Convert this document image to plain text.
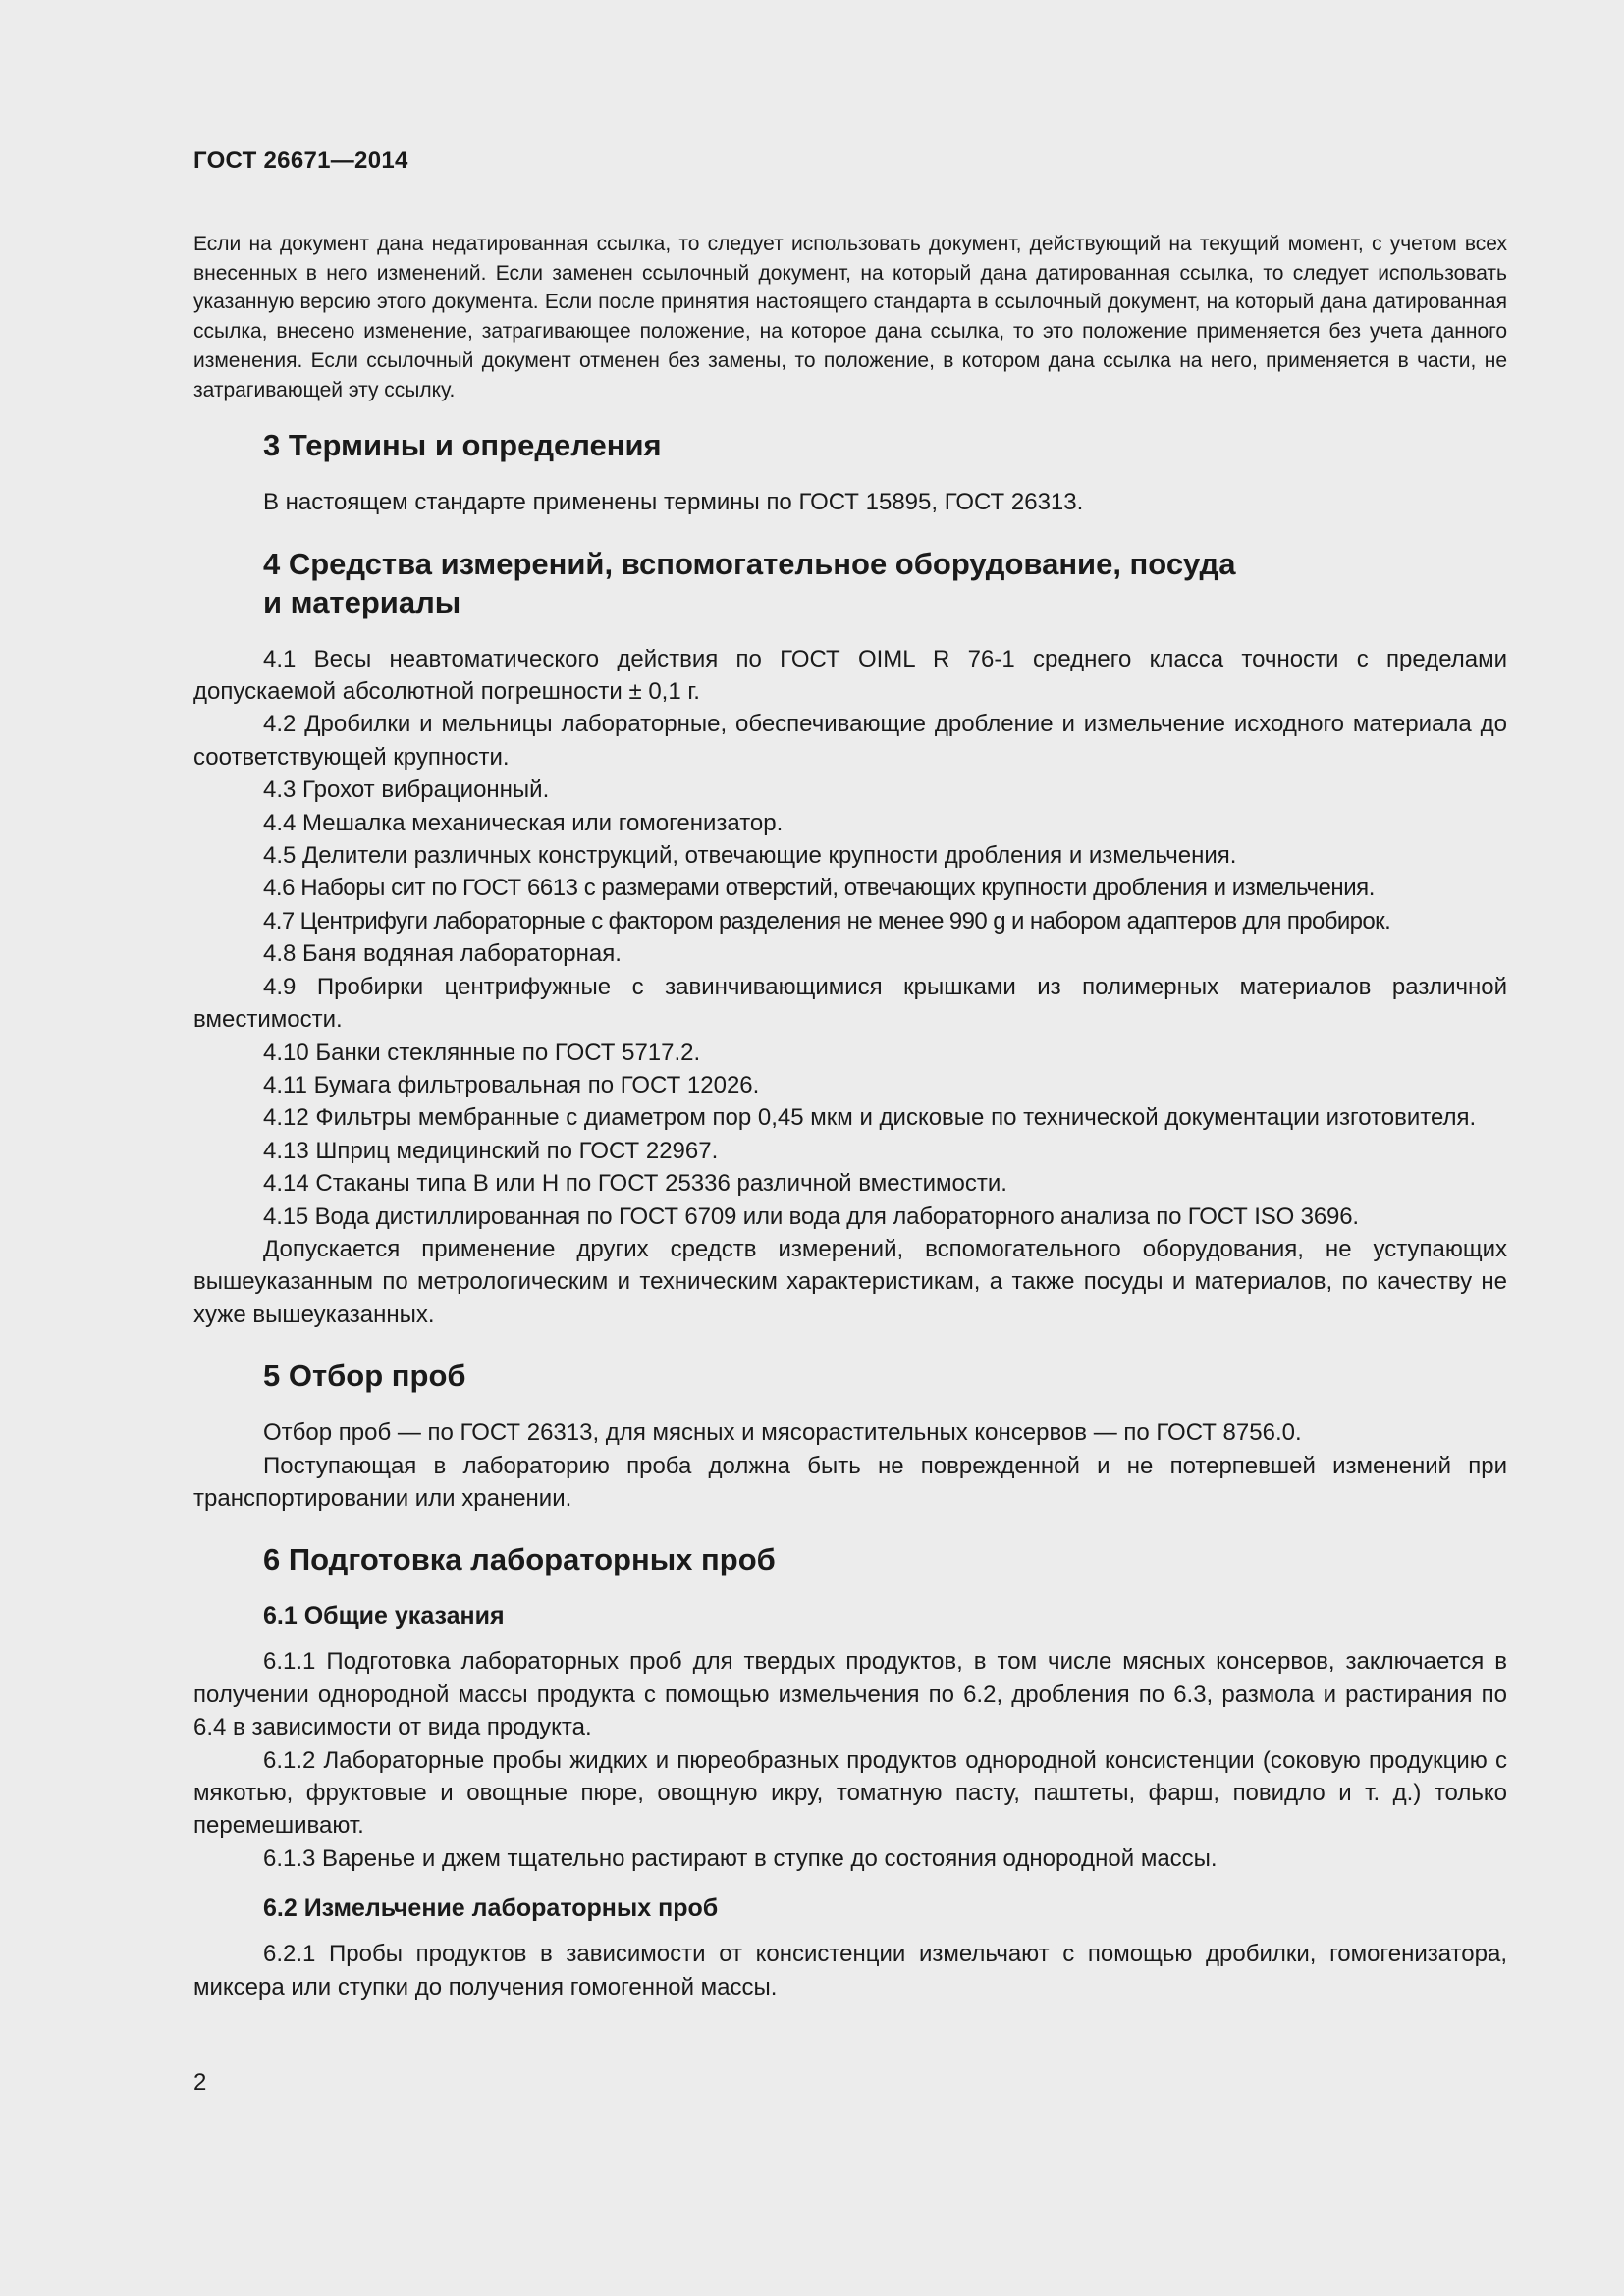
ГОСТ 26671—2014

Если на документ дана недатированная ссылка, то следует использовать документ, действующий на текущий момент, с учетом всех внесенных в него изменений. Если заменен ссылочный документ, на который дана датированная ссылка, то следует использовать указанную версию этого документа. Если после принятия настоящего стандарта в ссылочный документ, на который дана датированная ссылка, внесено изменение, затрагивающее положение, на которое дана ссылка, то это положение применяется без учета данного изменения. Если ссылочный документ отменен без замены, то положение, в котором дана ссылка на него, применяется в части, не затрагивающей эту ссылку.

3 Термины и определения

В настоящем стандарте применены термины по ГОСТ 15895, ГОСТ 26313.

4 Средства измерений, вспомогательное оборудование, посуда
и материалы

4.1 Весы неавтоматического действия по ГОСТ OIML R 76-1 среднего класса точности с пределами допускаемой абсолютной погрешности ± 0,1 г.

4.2 Дробилки и мельницы лабораторные, обеспечивающие дробление и измельчение исходного материала до соответствующей крупности.

4.3 Грохот вибрационный.

4.4 Мешалка механическая или гомогенизатор.

4.5 Делители различных конструкций, отвечающие крупности дробления и измельчения.

4.6 Наборы сит по ГОСТ 6613 с размерами отверстий, отвечающих крупности дробления и измельчения.

4.7 Центрифуги лабораторные с фактором разделения не менее 990 g и набором адаптеров для пробирок.

4.8 Баня водяная лабораторная.

4.9 Пробирки центрифужные с завинчивающимися крышками из полимерных материалов различной вместимости.

4.10 Банки стеклянные по ГОСТ 5717.2.

4.11 Бумага фильтровальная по ГОСТ 12026.

4.12 Фильтры мембранные с диаметром пор 0,45 мкм и дисковые по технической документации изготовителя.

4.13 Шприц медицинский по ГОСТ 22967.

4.14 Стаканы типа В или Н по ГОСТ 25336 различной вместимости.

4.15 Вода дистиллированная по ГОСТ 6709 или вода для лабораторного анализа по ГОСТ ISO 3696.

Допускается применение других средств измерений, вспомогательного оборудования, не уступающих вышеуказанным по метрологическим и техническим характеристикам, а также посуды и материалов, по качеству не хуже вышеуказанных.

5 Отбор проб

Отбор проб — по ГОСТ 26313, для мясных и мясорастительных консервов — по ГОСТ 8756.0.

Поступающая в лабораторию проба должна быть не поврежденной и не потерпевшей изменений при транспортировании или хранении.

6 Подготовка лабораторных проб
6.1 Общие указания

6.1.1 Подготовка лабораторных проб для твердых продуктов, в том числе мясных консервов, заключается в получении однородной массы продукта с помощью измельчения по 6.2, дробления по 6.3, размола и растирания по 6.4 в зависимости от вида продукта.

6.1.2 Лабораторные пробы жидких и пюреобразных продуктов однородной консистенции (соковую продукцию с мякотью, фруктовые и овощные пюре, овощную икру, томатную пасту, паштеты, фарш, повидло и т. д.) только перемешивают.

6.1.3 Варенье и джем тщательно растирают в ступке до состояния однородной массы.

6.2 Измельчение лабораторных проб

6.2.1 Пробы продуктов в зависимости от консистенции измельчают с помощью дробилки, гомогенизатора, миксера или ступки до получения гомогенной массы.

2
